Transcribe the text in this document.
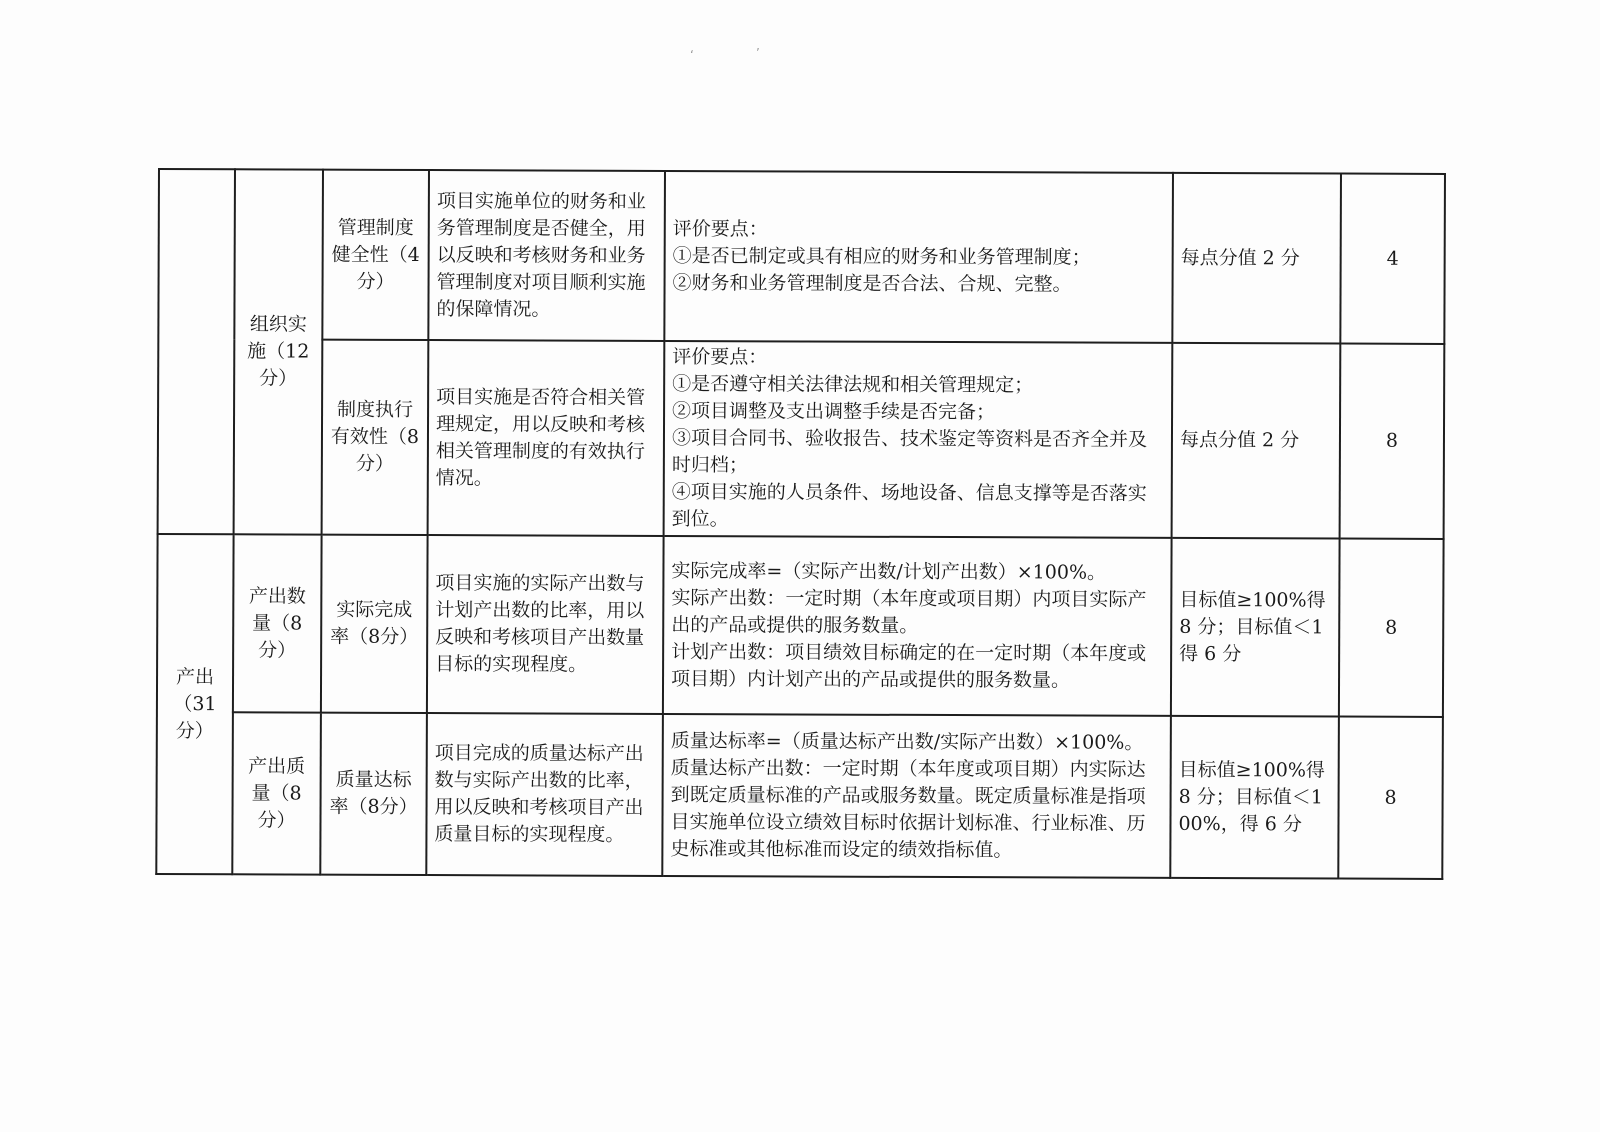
‘	’
	组织实施（12分）	管理制度健全性（4分）	项目实施单位的财务和业务管理制度是否健全，用以反映和考核财务和业务管理制度对项目顺利实施的保障情况。	评价要点：
①是否已制定或具有相应的财务和业务管理制度；
②财务和业务管理制度是否合法、合规、完整。	每点分值 2 分	4
		制度执行有效性（8分）	项目实施是否符合相关管理规定，用以反映和考核相关管理制度的有效执行情况。	评价要点：
①是否遵守相关法律法规和相关管理规定；
②项目调整及支出调整手续是否完备；
③项目合同书、验收报告、技术鉴定等资料是否齐全并及时归档；
④项目实施的人员条件、场地设备、信息支撑等是否落实到位。	每点分值 2 分	8
产出（31分）	产出数量（8分）	实际完成率（8分）	项目实施的实际产出数与计划产出数的比率，用以反映和考核项目产出数量目标的实现程度。	实际完成率=（实际产出数/计划产出数）×100%。
实际产出数：一定时期（本年度或项目期）内项目实际产出的产品或提供的服务数量。
计划产出数：项目绩效目标确定的在一定时期（本年度或项目期）内计划产出的产品或提供的服务数量。	目标值≥100%得 8 分；目标值＜1 得 6 分	8
	产出质量（8分）	质量达标率（8分）	项目完成的质量达标产出数与实际产出数的比率，用以反映和考核项目产出质量目标的实现程度。	质量达标率=（质量达标产出数/实际产出数）×100%。
质量达标产出数：一定时期（本年度或项目期）内实际达到既定质量标准的产品或服务数量。既定质量标准是指项目实施单位设立绩效目标时依据计划标准、行业标准、历史标准或其他标准而设定的绩效指标值。	目标值≥100%得 8 分；目标值＜100%，得 6 分	8
